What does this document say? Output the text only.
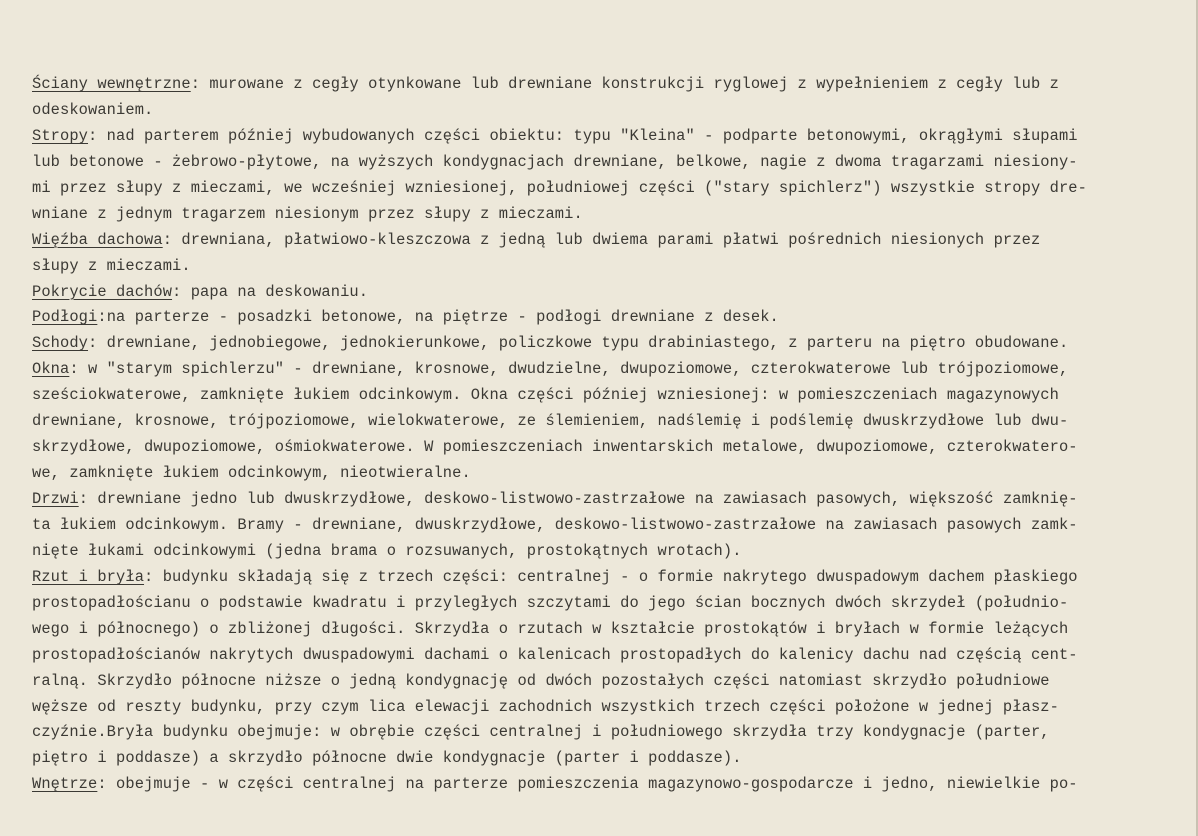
Ściany wewnętrzne: murowane z cegły otynkowane lub drewniane konstrukcji ryglowej z wypełnieniem z cegły lub z
odeskowaniem.
Stropy: nad parterem później wybudowanych części obiektu: typu "Kleina" - podparte betonowymi, okrągłymi słupami
lub betonowe - żebrowo-płytowe, na wyższych kondygnacjach drewniane, belkowe, nagie z dwoma tragarzami niesiony-
mi przez słupy z mieczami, we wcześniej wzniesionej, południowej części ("stary spichlerz") wszystkie stropy dre-
wniane z jednym tragarzem niesionym przez słupy z mieczami.
Więźba dachowa: drewniana, płatwiowo-kleszczowa z jedną lub dwiema parami płatwi pośrednich niesionych przez
słupy z mieczami.
Pokrycie dachów: papa na deskowaniu.
Podłogi:na parterze - posadzki betonowe, na piętrze - podłogi drewniane z desek.
Schody: drewniane, jednobiegowe, jednokierunkowe, policzkowe typu drabiniastego, z parteru na piętro obudowane.
Okna: w "starym spichlerzu" - drewniane, krosnowe, dwudzielne, dwupoziomowe, czterokwaterowe lub trójpoziomowe,
sześciokwaterowe, zamknięte łukiem odcinkowym. Okna części później wzniesionej: w pomieszczeniach magazynowych
drewniane, krosnowe, trójpoziomowe, wielokwaterowe, ze ślemieniem, nadślemię i podślemię dwuskrzydłowe lub dwu-
skrzydłowe, dwupoziomowe, ośmiokwaterowe. W pomieszczeniach inwentarskich metalowe, dwupoziomowe, czterokwatero-
we, zamknięte łukiem odcinkowym, nieotwieralne.
Drzwi: drewniane jedno lub dwuskrzydłowe, deskowo-listwowo-zastrzałowe na zawiasach pasowych, większość zamknię-
ta łukiem odcinkowym. Bramy - drewniane, dwuskrzydłowe, deskowo-listwowo-zastrzałowe na zawiasach pasowych zamk-
nięte łukami odcinkowymi (jedna brama o rozsuwanych, prostokątnych wrotach).
Rzut i bryła: budynku składają się z trzech części: centralnej - o formie nakrytego dwuspadowym dachem płaskiego
prostopadłościanu o podstawie kwadratu i przyległych szczytami do jego ścian bocznych dwóch skrzydeł (południo-
wego i północnego) o zbliżonej długości. Skrzydła o rzutach w kształcie prostokątów i bryłach w formie leżących
prostopadłościanów nakrytych dwuspadowymi dachami o kalenicach prostopadłych do kalenicy dachu nad częścią cent-
ralną. Skrzydło północne niższe o jedną kondygnację od dwóch pozostałych części natomiast skrzydło południowe
węższe od reszty budynku, przy czym lica elewacji zachodnich wszystkich trzech części położone w jednej płasz-
czyźnie.Bryła budynku obejmuje: w obrębie części centralnej i południowego skrzydła trzy kondygnacje (parter,
piętro i poddasze) a skrzydło północne dwie kondygnacje (parter i poddasze).
Wnętrze: obejmuje - w części centralnej na parterze pomieszczenia magazynowo-gospodarcze i jedno, niewielkie po-
